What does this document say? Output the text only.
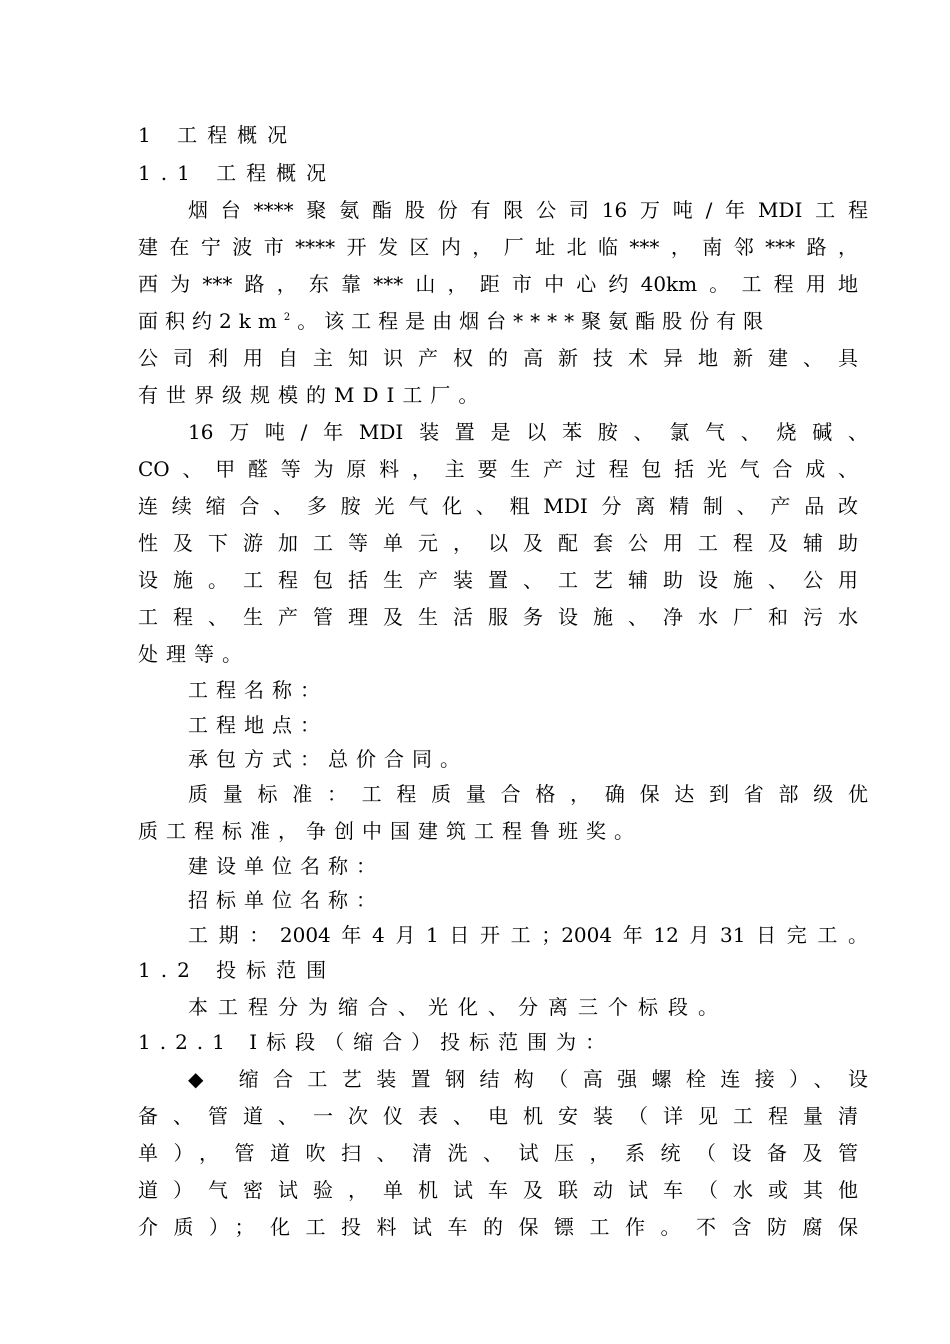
1 工程概况
1.1 工程概况
烟台****聚氨酯股份有限公司16万吨/年MDI工程
建在宁波市****开发区内，厂址北临***，南邻***路，
西为***路，东靠***山，距市中心约40km。工程用地
面积约$2km^2$。该工程是由烟台****聚氨酯股份有限
公司利用自主知识产权的高新技术异地新建、具
有世界级规模的MDI工厂。
16万吨/年MDI装置是以苯胺、氯气、烧碱、
CO、甲醛等为原料，主要生产过程包括光气合成、
连续缩合、多胺光气化、粗MDI分离精制、产品改
性及下游加工等单元，以及配套公用工程及辅助
设施。工程包括生产装置、工艺辅助设施、公用
工程、生产管理及生活服务设施、净水厂和污水
处理等。
工程名称：
工程地点：
承包方式：总价合同。
质量标准：工程质量合格，确保达到省部级优
质工程标准，争创中国建筑工程鲁班奖。
建设单位名称：
招标单位名称：
工期：2004年4月1日开工；2004年12月31日完工。
1.2 投标范围
本工程分为缩合、光化、分离三个标段。
1.2.1 Ⅰ标段（缩合）投标范围为：
◆ 缩合工艺装置钢结构（高强螺栓连接）、设
备、管道、一次仪表、电机安装（详见工程量清
单），管道吹扫、清洗、试压，系统（设备及管
道）气密试验，单机试车及联动试车（水或其他
介质）；化工投料试车的保镖工作。不含防腐保
